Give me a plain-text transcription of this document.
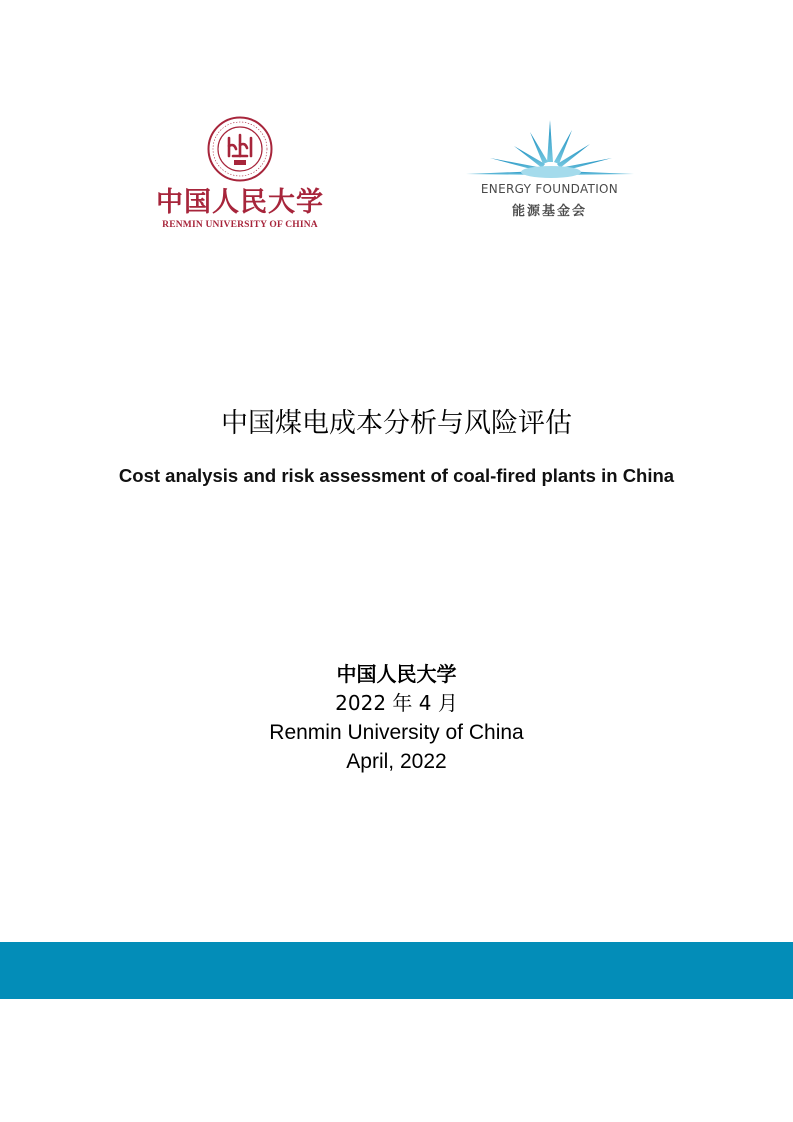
中国人民大学
RENMIN UNIVERSITY OF CHINA
ENERGY FOUNDATION
能源基金会
中国煤电成本分析与风险评估
Cost analysis and risk assessment of coal-fired plants in China
中国人民大学
2022 年 4 月
Renmin University of China
April, 2022
